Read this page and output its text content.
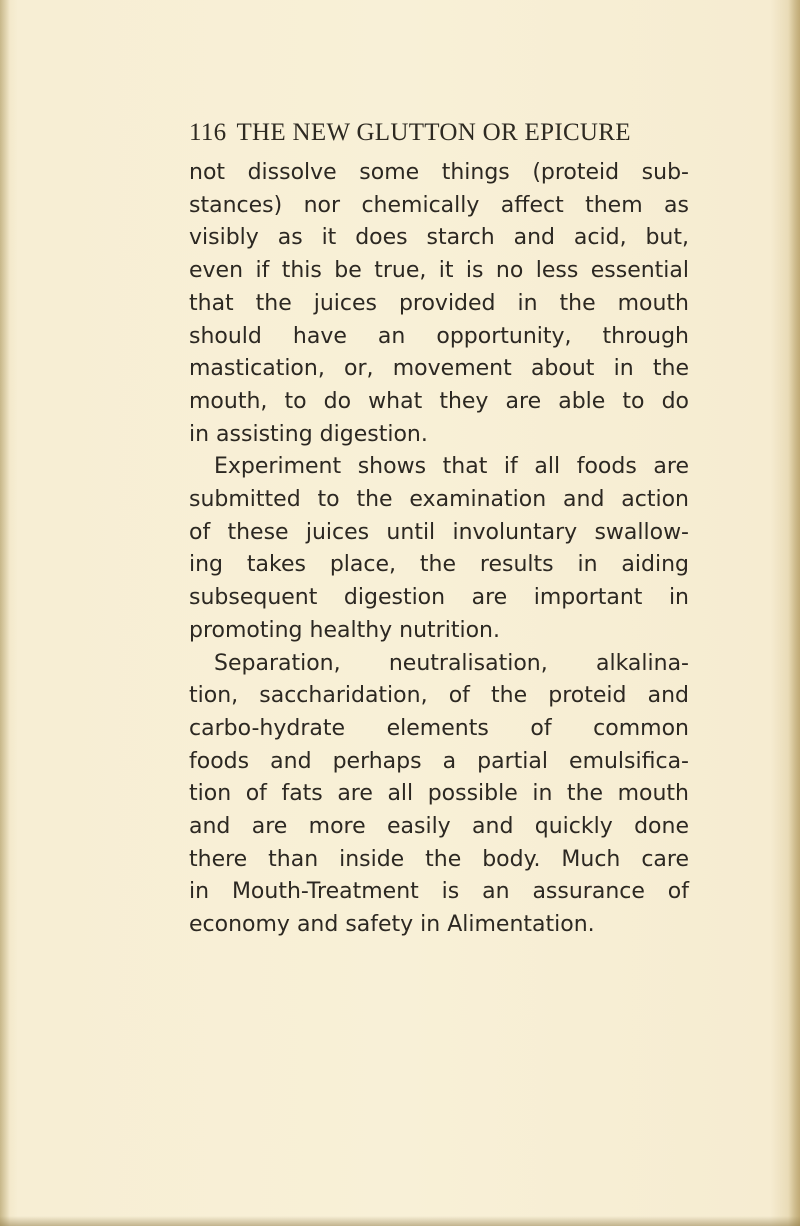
116 THE NEW GLUTTON OR EPICURE
not dissolve some things (proteid sub-
stances) nor chemically affect them as
visibly as it does starch and acid, but,
even if this be true, it is no less essential
that the juices provided in the mouth
should have an opportunity, through
mastication, or, movement about in the
mouth, to do what they are able to do
in assisting digestion.
Experiment shows that if all foods are
submitted to the examination and action
of these juices until involuntary swallow-
ing takes place, the results in aiding
subsequent digestion are important in
promoting healthy nutrition.
Separation, neutralisation, alkalina-
tion, saccharidation, of the proteid and
carbo-hydrate elements of common
foods and perhaps a partial emulsifica-
tion of fats are all possible in the mouth
and are more easily and quickly done
there than inside the body. Much care
in Mouth-Treatment is an assurance of
economy and safety in Alimentation.
